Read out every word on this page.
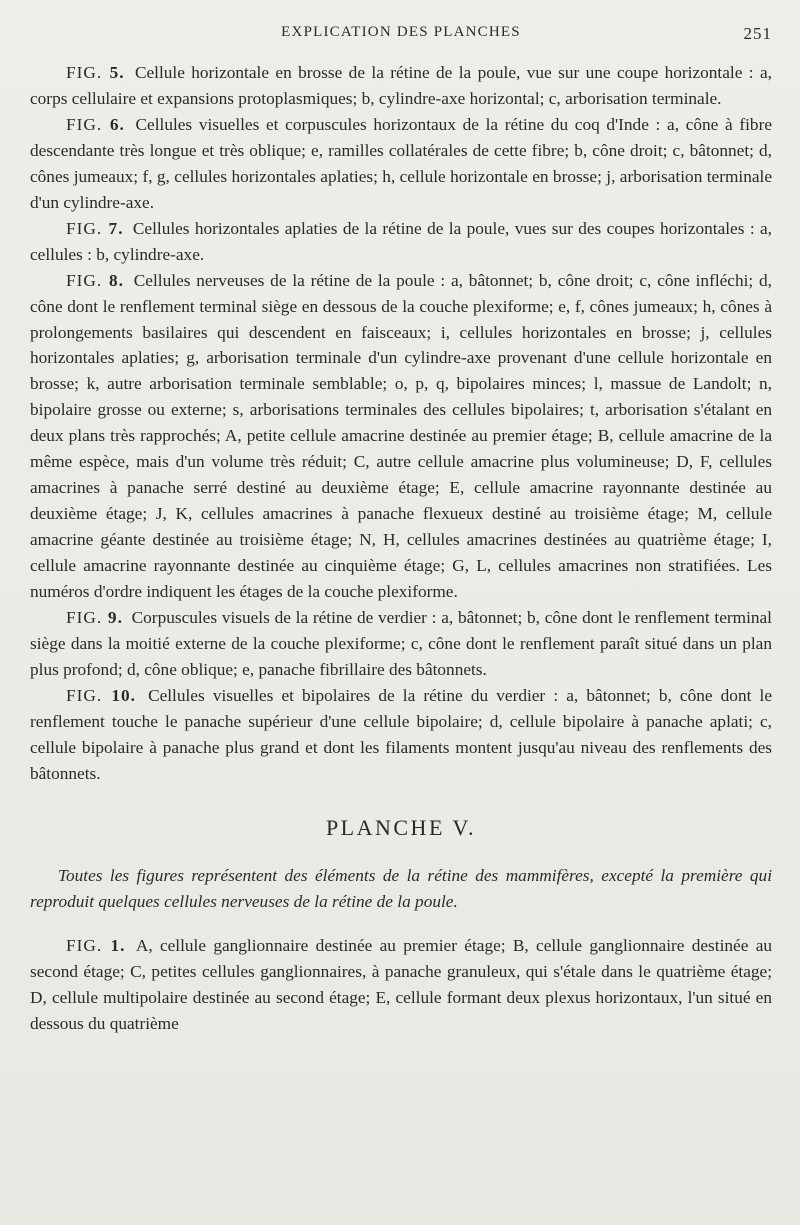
EXPLICATION DES PLANCHES	251

FIG. 5. Cellule horizontale en brosse de la rétine de la poule, vue sur une coupe horizontale : a, corps cellulaire et expansions protoplasmiques; b, cylindre-axe horizontal; c, arborisation terminale.

FIG. 6. Cellules visuelles et corpuscules horizontaux de la rétine du coq d'Inde : a, cône à fibre descendante très longue et très oblique; e, ramilles collatérales de cette fibre; b, cône droit; c, bâtonnet; d, cônes jumeaux; f, g, cellules horizontales aplaties; h, cellule horizontale en brosse; j, arborisation terminale d'un cylindre-axe.

FIG. 7. Cellules horizontales aplaties de la rétine de la poule, vues sur des coupes horizontales : a, cellules : b, cylindre-axe.

FIG. 8. Cellules nerveuses de la rétine de la poule : a, bâtonnet; b, cône droit; c, cône infléchi; d, cône dont le renflement terminal siège en dessous de la couche plexiforme; e, f, cônes jumeaux; h, cônes à prolongements basilaires qui descendent en faisceaux; i, cellules horizontales en brosse; j, cellules horizontales aplaties; g, arborisation terminale d'un cylindre-axe provenant d'une cellule horizontale en brosse; k, autre arborisation terminale semblable; o, p, q, bipolaires minces; l, massue de Landolt; n, bipolaire grosse ou externe; s, arborisations terminales des cellules bipolaires; t, arborisation s'étalant en deux plans très rapprochés; A, petite cellule amacrine destinée au premier étage; B, cellule amacrine de la même espèce, mais d'un volume très réduit; C, autre cellule amacrine plus volumineuse; D, F, cellules amacrines à panache serré destiné au deuxième étage; E, cellule amacrine rayonnante destinée au deuxième étage; J, K, cellules amacrines à panache flexueux destiné au troisième étage; M, cellule amacrine géante destinée au troisième étage; N, H, cellules amacrines destinées au quatrième étage; I, cellule amacrine rayonnante destinée au cinquième étage; G, L, cellules amacrines non stratifiées. Les numéros d'ordre indiquent les étages de la couche plexiforme.

FIG. 9. Corpuscules visuels de la rétine de verdier : a, bâtonnet; b, cône dont le renflement terminal siège dans la moitié externe de la couche plexiforme; c, cône dont le renflement paraît situé dans un plan plus profond; d, cône oblique; e, panache fibrillaire des bâtonnets.

FIG. 10. Cellules visuelles et bipolaires de la rétine du verdier : a, bâtonnet; b, cône dont le renflement touche le panache supérieur d'une cellule bipolaire; d, cellule bipolaire à panache aplati; c, cellule bipolaire à panache plus grand et dont les filaments montent jusqu'au niveau des renflements des bâtonnets.

PLANCHE V.

Toutes les figures représentent des éléments de la rétine des mammifères, excepté la première qui reproduit quelques cellules nerveuses de la rétine de la poule.

FIG. 1. A, cellule ganglionnaire destinée au premier étage; B, cellule ganglionnaire destinée au second étage; C, petites cellules ganglionnaires, à panache granuleux, qui s'étale dans le quatrième étage; D, cellule multipolaire destinée au second étage; E, cellule formant deux plexus horizontaux, l'un situé en dessous du quatrième
